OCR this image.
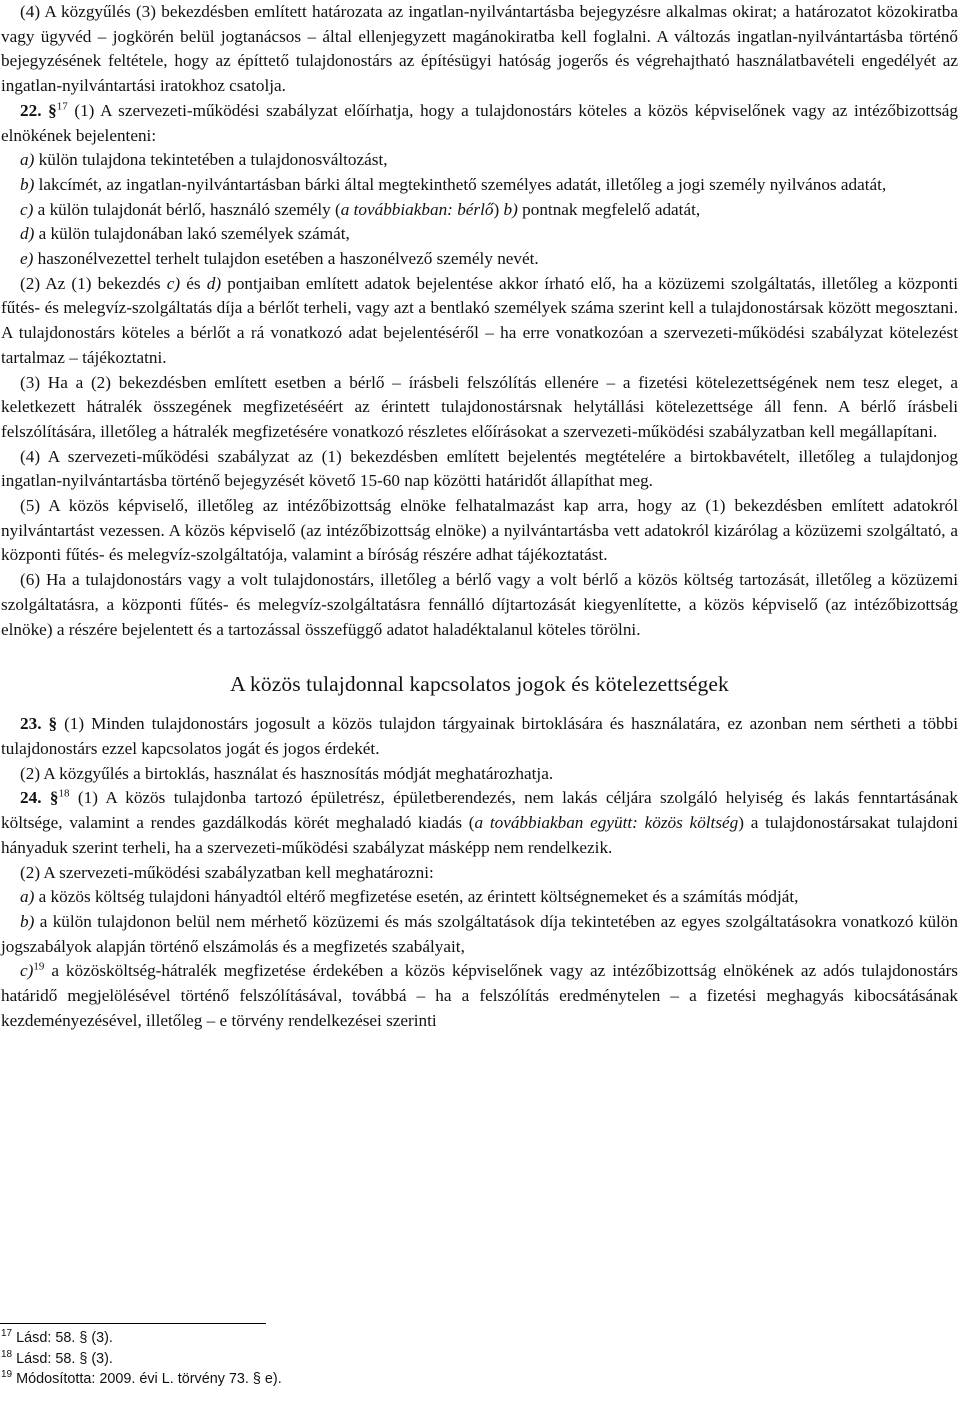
(4) A közgyűlés (3) bekezdésben említett határozata az ingatlan-nyilvántartásba bejegyzésre alkalmas okirat; a határozatot közokiratba vagy ügyvéd – jogkörén belül jogtanácsos – által ellenjegyzett magánokiratba kell foglalni. A változás ingatlan-nyilvántartásba történő bejegyzésének feltétele, hogy az építtető tulajdonostárs az építésügyi hatóság jogerős és végrehajtható használatbavételi engedélyét az ingatlan-nyilvántartási iratokhoz csatolja.

22. §$^{17}$ (1) A szervezeti-működési szabályzat előírhatja, hogy a tulajdonostárs köteles a közös képviselőnek vagy az intézőbizottság elnökének bejelenteni:

a) külön tulajdona tekintetében a tulajdonosváltozást,

b) lakcímét, az ingatlan-nyilvántartásban bárki által megtekinthető személyes adatát, illetőleg a jogi személy nyilvános adatát,

c) a külön tulajdonát bérlő, használó személy (a továbbiakban: bérlő) b) pontnak megfelelő adatát,

d) a külön tulajdonában lakó személyek számát,

e) haszonélvezettel terhelt tulajdon esetében a haszonélvező személy nevét.

(2) Az (1) bekezdés c) és d) pontjaiban említett adatok bejelentése akkor írható elő, ha a közüzemi szolgáltatás, illetőleg a központi fűtés- és melegvíz-szolgáltatás díja a bérlőt terheli, vagy azt a bentlakó személyek száma szerint kell a tulajdonostársak között megosztani. A tulajdonostárs köteles a bérlőt a rá vonatkozó adat bejelentéséről – ha erre vonatkozóan a szervezeti-működési szabályzat kötelezést tartalmaz – tájékoztatni.

(3) Ha a (2) bekezdésben említett esetben a bérlő – írásbeli felszólítás ellenére – a fizetési kötelezettségének nem tesz eleget, a keletkezett hátralék összegének megfizetéséért az érintett tulajdonostársnak helytállási kötelezettsége áll fenn. A bérlő írásbeli felszólítására, illetőleg a hátralék megfizetésére vonatkozó részletes előírásokat a szervezeti-működési szabályzatban kell megállapítani.

(4) A szervezeti-működési szabályzat az (1) bekezdésben említett bejelentés megtételére a birtokbavételt, illetőleg a tulajdonjog ingatlan-nyilvántartásba történő bejegyzését követő 15-60 nap közötti határidőt állapíthat meg.

(5) A közös képviselő, illetőleg az intézőbizottság elnöke felhatalmazást kap arra, hogy az (1) bekezdésben említett adatokról nyilvántartást vezessen. A közös képviselő (az intézőbizottság elnöke) a nyilvántartásba vett adatokról kizárólag a közüzemi szolgáltató, a központi fűtés- és melegvíz-szolgáltatója, valamint a bíróság részére adhat tájékoztatást.

(6) Ha a tulajdonostárs vagy a volt tulajdonostárs, illetőleg a bérlő vagy a volt bérlő a közös költség tartozását, illetőleg a közüzemi szolgáltatásra, a központi fűtés- és melegvíz-szolgáltatásra fennálló díjtartozását kiegyenlítette, a közös képviselő (az intézőbizottság elnöke) a részére bejelentett és a tartozással összefüggő adatot haladéktalanul köteles törölni.

A közös tulajdonnal kapcsolatos jogok és kötelezettségek

23. § (1) Minden tulajdonostárs jogosult a közös tulajdon tárgyainak birtoklására és használatára, ez azonban nem sértheti a többi tulajdonostárs ezzel kapcsolatos jogát és jogos érdekét.

(2) A közgyűlés a birtoklás, használat és hasznosítás módját meghatározhatja.

24. §$^{18}$ (1) A közös tulajdonba tartozó épületrész, épületberendezés, nem lakás céljára szolgáló helyiség és lakás fenntartásának költsége, valamint a rendes gazdálkodás körét meghaladó kiadás (a továbbiakban együtt: közös költség) a tulajdonostársakat tulajdoni hányaduk szerint terheli, ha a szervezeti-működési szabályzat másképp nem rendelkezik.

(2) A szervezeti-működési szabályzatban kell meghatározni:

a) a közös költség tulajdoni hányadtól eltérő megfizetése esetén, az érintett költségnemeket és a számítás módját,

b) a külön tulajdonon belül nem mérhető közüzemi és más szolgáltatások díja tekintetében az egyes szolgáltatásokra vonatkozó külön jogszabályok alapján történő elszámolás és a megfizetés szabályait,

c)$^{19}$ a közösköltség-hátralék megfizetése érdekében a közös képviselőnek vagy az intézőbizottság elnökének az adós tulajdonostárs határidő megjelölésével történő felszólításával, továbbá – ha a felszólítás eredménytelen – a fizetési meghagyás kibocsátásának kezdeményezésével, illetőleg – e törvény rendelkezései szerinti

$^{17}$ Lásd: 58. § (3).

$^{18}$ Lásd: 58. § (3).

$^{19}$ Módosította: 2009. évi L. törvény 73. § e).
